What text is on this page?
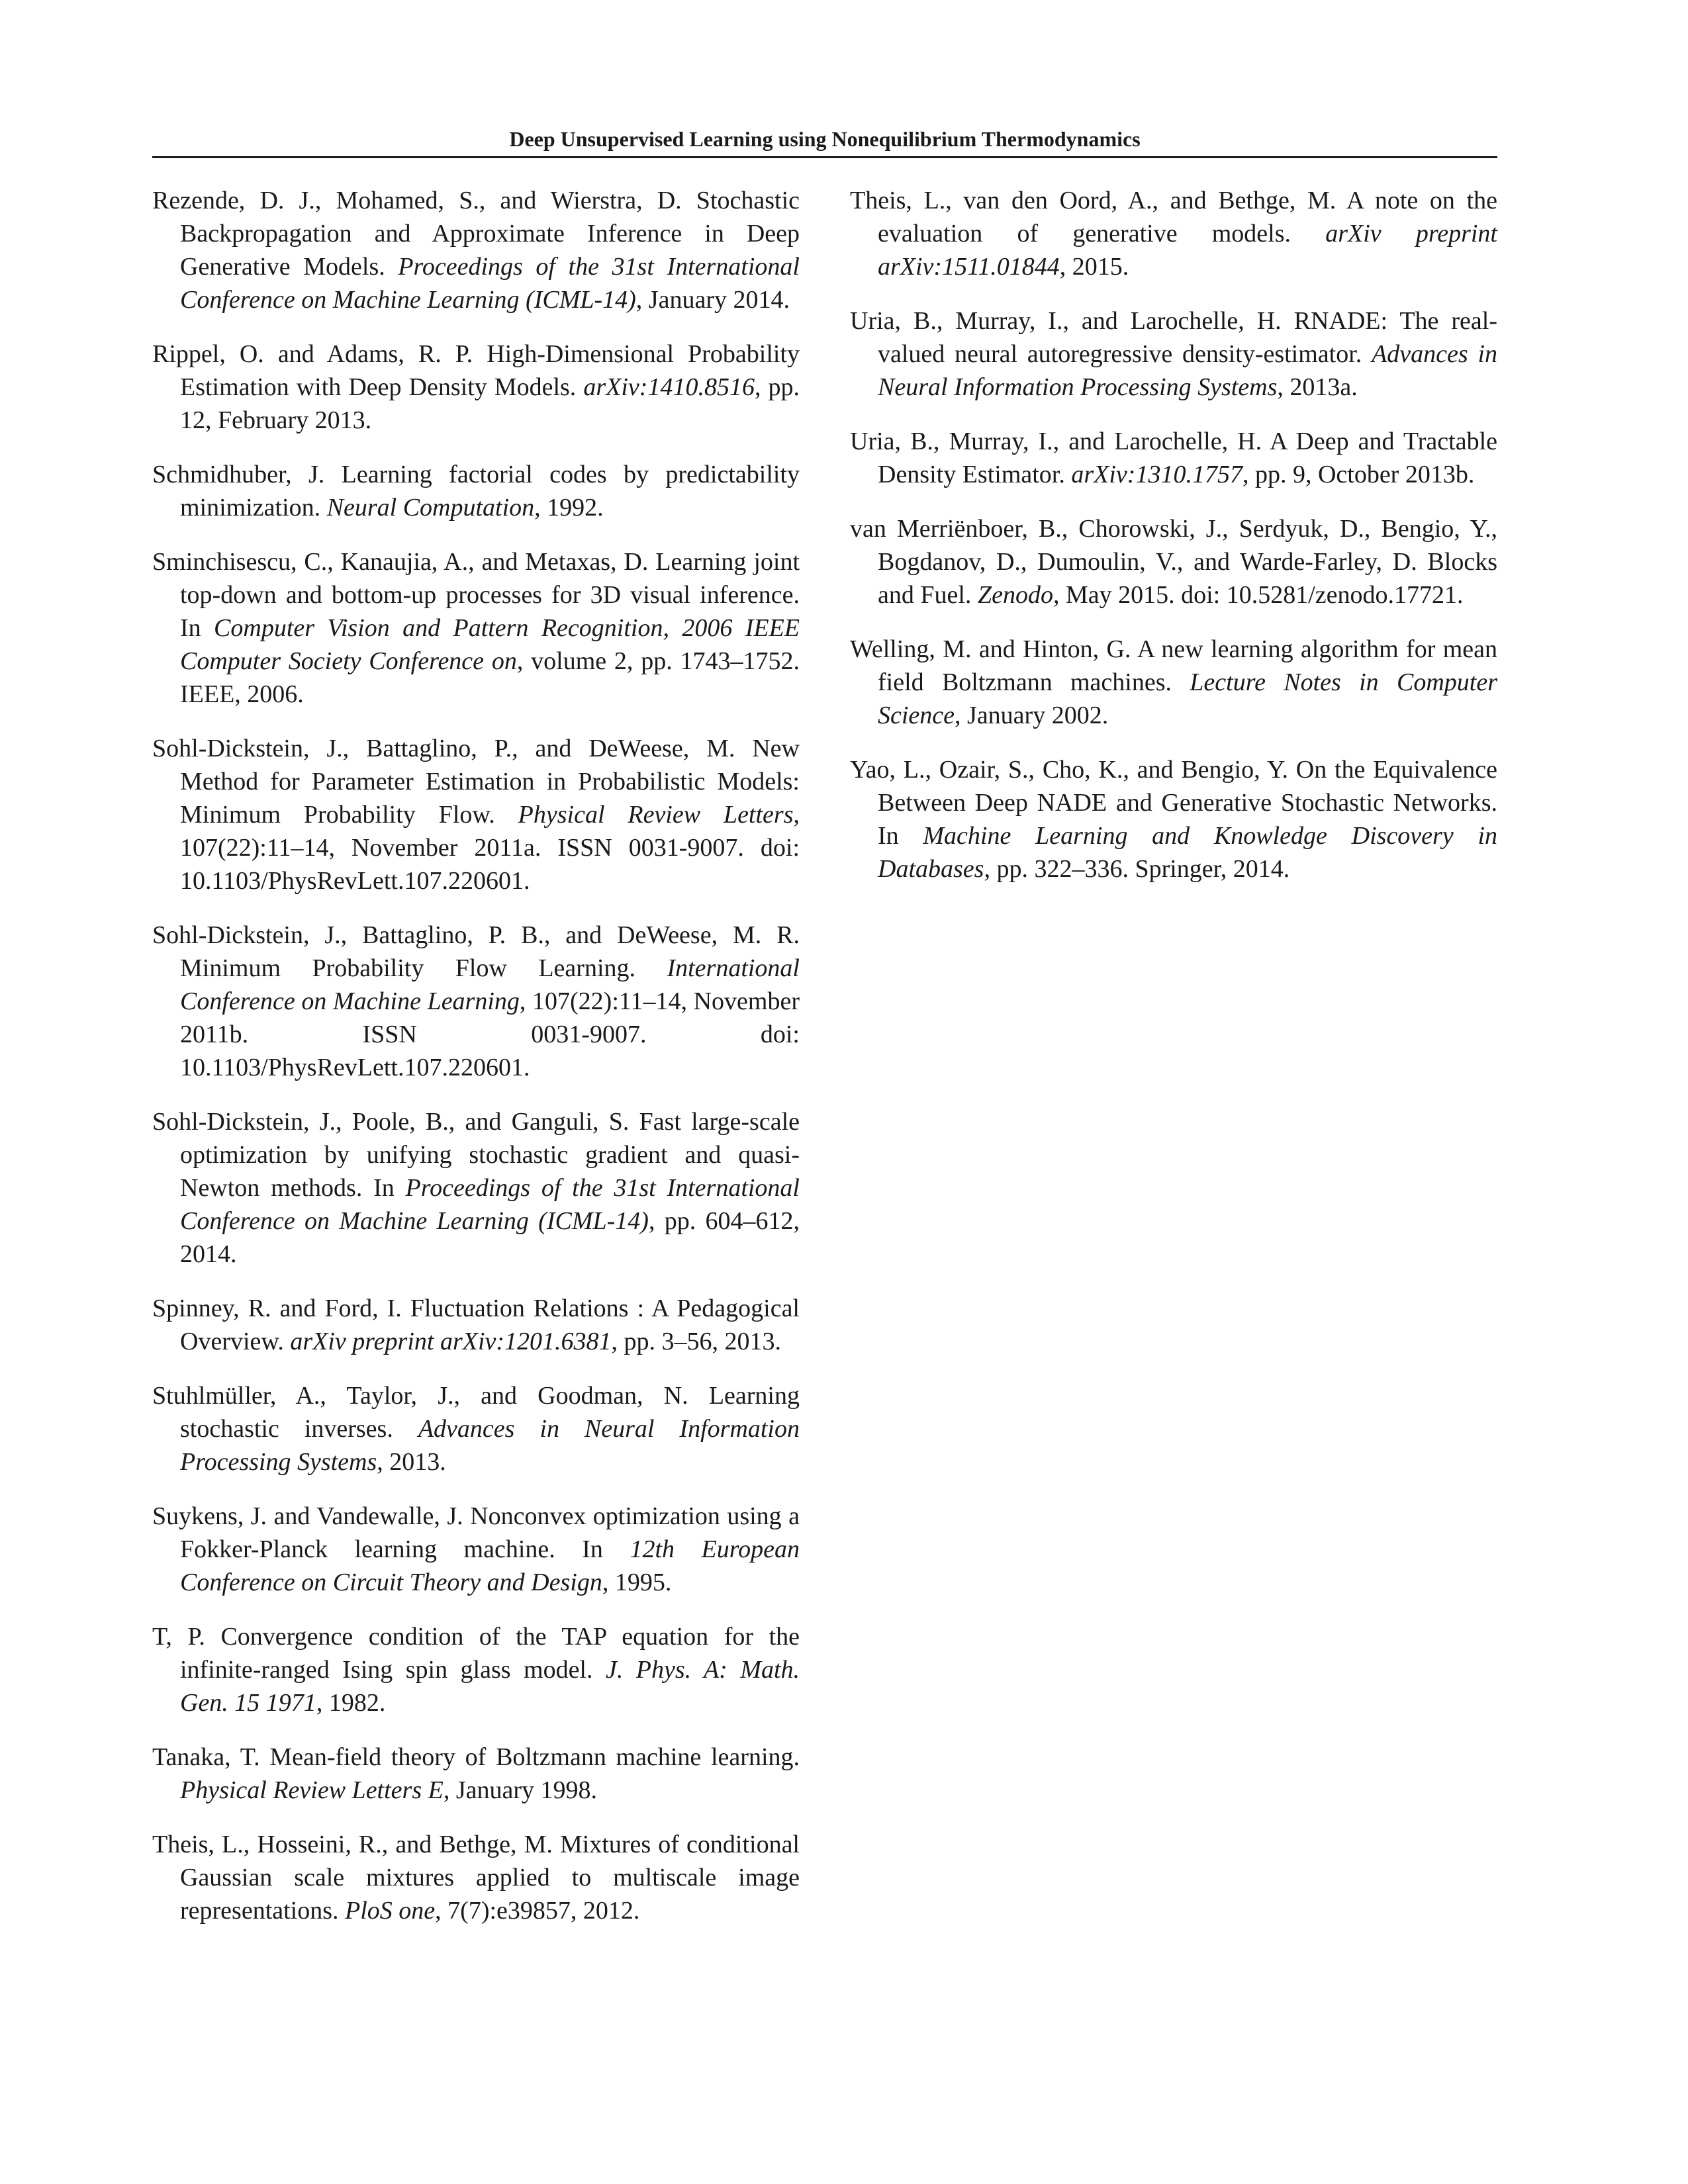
Deep Unsupervised Learning using Nonequilibrium Thermodynamics

Rezende, D. J., Mohamed, S., and Wierstra, D. Stochastic Backpropagation and Approximate Inference in Deep Generative Models. Proceedings of the 31st International Conference on Machine Learning (ICML-14), January 2014.

Rippel, O. and Adams, R. P. High-Dimensional Probability Estimation with Deep Density Models. arXiv:1410.8516, pp. 12, February 2013.

Schmidhuber, J. Learning factorial codes by predictability minimization. Neural Computation, 1992.

Sminchisescu, C., Kanaujia, A., and Metaxas, D. Learning joint top-down and bottom-up processes for 3D visual inference. In Computer Vision and Pattern Recognition, 2006 IEEE Computer Society Conference on, volume 2, pp. 1743–1752. IEEE, 2006.

Sohl-Dickstein, J., Battaglino, P., and DeWeese, M. New Method for Parameter Estimation in Probabilistic Models: Minimum Probability Flow. Physical Review Letters, 107(22):11–14, November 2011a. ISSN 0031-9007. doi: 10.1103/PhysRevLett.107.220601.

Sohl-Dickstein, J., Battaglino, P. B., and DeWeese, M. R. Minimum Probability Flow Learning. International Conference on Machine Learning, 107(22):11–14, November 2011b. ISSN 0031-9007. doi: 10.1103/PhysRevLett.107.220601.

Sohl-Dickstein, J., Poole, B., and Ganguli, S. Fast large-scale optimization by unifying stochastic gradient and quasi-Newton methods. In Proceedings of the 31st International Conference on Machine Learning (ICML-14), pp. 604–612, 2014.

Spinney, R. and Ford, I. Fluctuation Relations : A Pedagogical Overview. arXiv preprint arXiv:1201.6381, pp. 3–56, 2013.

Stuhlmüller, A., Taylor, J., and Goodman, N. Learning stochastic inverses. Advances in Neural Information Processing Systems, 2013.

Suykens, J. and Vandewalle, J. Nonconvex optimization using a Fokker-Planck learning machine. In 12th European Conference on Circuit Theory and Design, 1995.

T, P. Convergence condition of the TAP equation for the infinite-ranged Ising spin glass model. J. Phys. A: Math. Gen. 15 1971, 1982.

Tanaka, T. Mean-field theory of Boltzmann machine learning. Physical Review Letters E, January 1998.

Theis, L., Hosseini, R., and Bethge, M. Mixtures of conditional Gaussian scale mixtures applied to multiscale image representations. PloS one, 7(7):e39857, 2012.

Theis, L., van den Oord, A., and Bethge, M. A note on the evaluation of generative models. arXiv preprint arXiv:1511.01844, 2015.

Uria, B., Murray, I., and Larochelle, H. RNADE: The real-valued neural autoregressive density-estimator. Advances in Neural Information Processing Systems, 2013a.

Uria, B., Murray, I., and Larochelle, H. A Deep and Tractable Density Estimator. arXiv:1310.1757, pp. 9, October 2013b.

van Merriënboer, B., Chorowski, J., Serdyuk, D., Bengio, Y., Bogdanov, D., Dumoulin, V., and Warde-Farley, D. Blocks and Fuel. Zenodo, May 2015. doi: 10.5281/zenodo.17721.

Welling, M. and Hinton, G. A new learning algorithm for mean field Boltzmann machines. Lecture Notes in Computer Science, January 2002.

Yao, L., Ozair, S., Cho, K., and Bengio, Y. On the Equivalence Between Deep NADE and Generative Stochastic Networks. In Machine Learning and Knowledge Discovery in Databases, pp. 322–336. Springer, 2014.
